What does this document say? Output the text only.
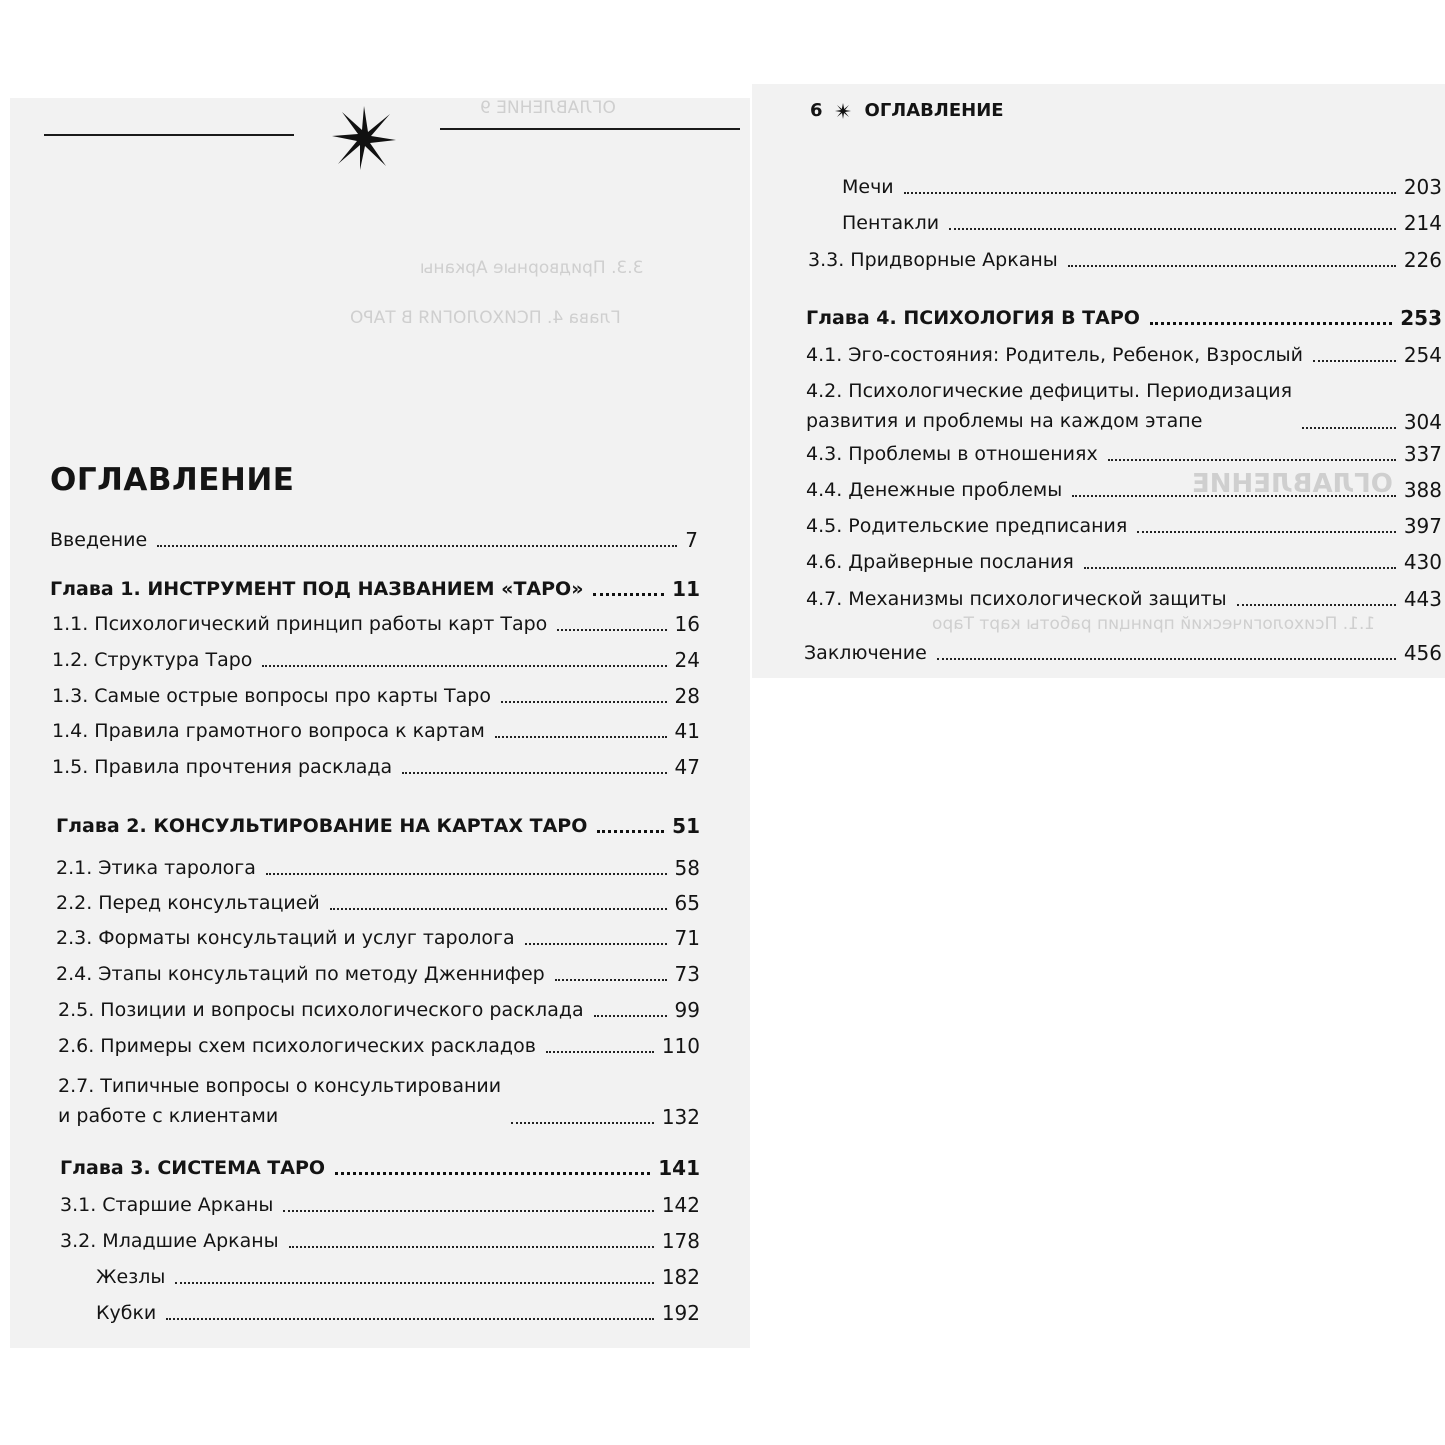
ОГЛАВЛЕНИЕ 9
3.3. Придворные Арканы
Глава 4. ПСИХОЛОГИЯ В ТАРО
ОГЛАВЛЕНИЕ
Введение	7
Глава 1. ИНСТРУМЕНТ ПОД НАЗВАНИЕМ «ТАРО»	11
1.1. Психологический принцип работы карт Таро	16
1.2. Структура Таро	24
1.3. Самые острые вопросы про карты Таро	28
1.4. Правила грамотного вопроса к картам	41
1.5. Правила прочтения расклада	47
Глава 2. КОНСУЛЬТИРОВАНИЕ НА КАРТАХ ТАРО	51
2.1. Этика таролога	58
2.2. Перед консультацией	65
2.3. Форматы консультаций и услуг таролога	71
2.4. Этапы консультаций по методу Дженнифер	73
2.5. Позиции и вопросы психологического расклада	99
2.6. Примеры схем психологических раскладов	110
2.7. Типичные вопросы о консультировании
и работе с клиентами	132
Глава 3. СИСТЕМА ТАРО	141
3.1. Старшие Арканы	142
3.2. Младшие Арканы	178
Жезлы	182
Кубки	192
ОГЛАВЛЕНИЕ
1.1. Психологический принцип работы карт Таро
6 ОГЛАВЛЕНИЕ
Мечи	203
Пентакли	214
3.3. Придворные Арканы	226
Глава 4. ПСИХОЛОГИЯ В ТАРО	253
4.1. Эго-состояния: Родитель, Ребенок, Взрослый	254
4.2. Психологические дефициты. Периодизация
развития и проблемы на каждом этапе	304
4.3. Проблемы в отношениях	337
4.4. Денежные проблемы	388
4.5. Родительские предписания	397
4.6. Драйверные послания	430
4.7. Механизмы психологической защиты	443
Заключение	456
